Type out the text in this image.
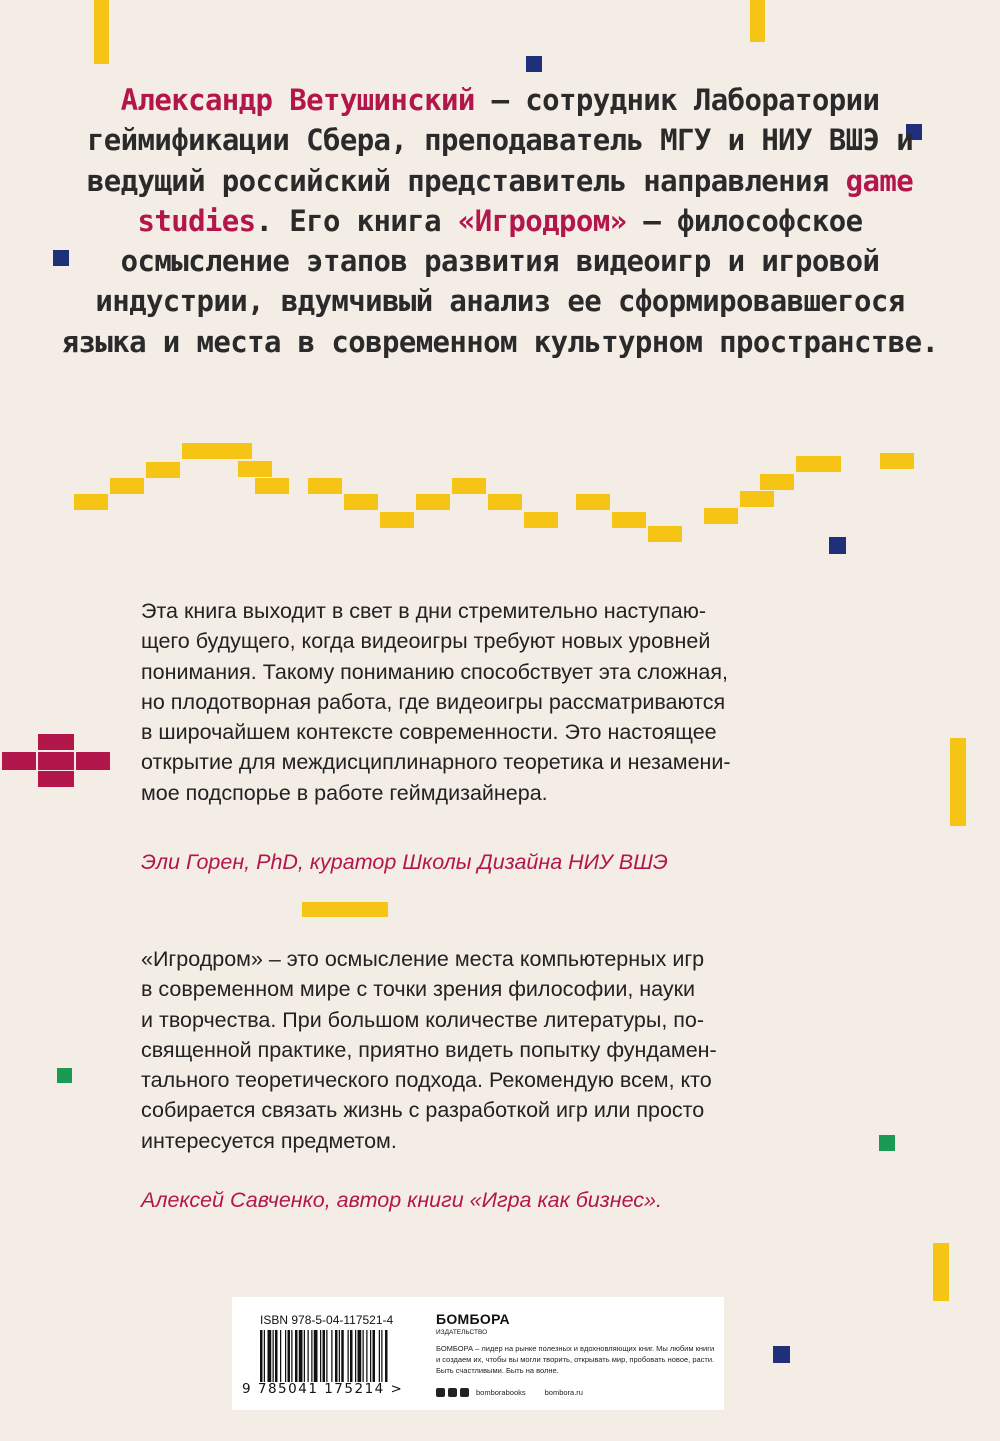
Александр Ветушинский – сотрудник Лаборатории геймификации Сбера, преподаватель МГУ и НИУ ВШЭ и ведущий российский представитель направления game studies. Его книга «Игродром» – философское осмысление этапов развития видеоигр и игровой индустрии, вдумчивый анализ ее сформировавшегося языка и места в современном культурном пространстве.
Эта книга выходит в свет в дни стремительно наступаю-
щего будущего, когда видеоигры требуют новых уровней
понимания. Такому пониманию способствует эта сложная,
но плодотворная работа, где видеоигры рассматриваются
в широчайшем контексте современности. Это настоящее
открытие для междисциплинарного теоретика и незамени-
мое подспорье в работе геймдизайнера.
Эли Горен, PhD, куратор Школы Дизайна НИУ ВШЭ
«Игродром» – это осмысление места компьютерных игр
в современном мире с точки зрения философии, науки
и творчества. При большом количестве литературы, по-
священной практике, приятно видеть попытку фундамен-
тального теоретического подхода. Рекомендую всем, кто
собирается связать жизнь с разработкой игр или просто
интересуется предметом.
Алексей Савченко, автор книги «Игра как бизнес».
ISBN 978-5-04-117521-4
9 785041 175214 >
БОМБОРА
ИЗДАТЕЛЬСТВО
БОМБОРА – лидер на рынке полезных и вдохновляющих книг. Мы любим книги и создаем их, чтобы вы могли творить, открывать мир, пробовать новое, расти. Быть счастливыми. Быть на волне.
bomborabooks	bombora.ru
